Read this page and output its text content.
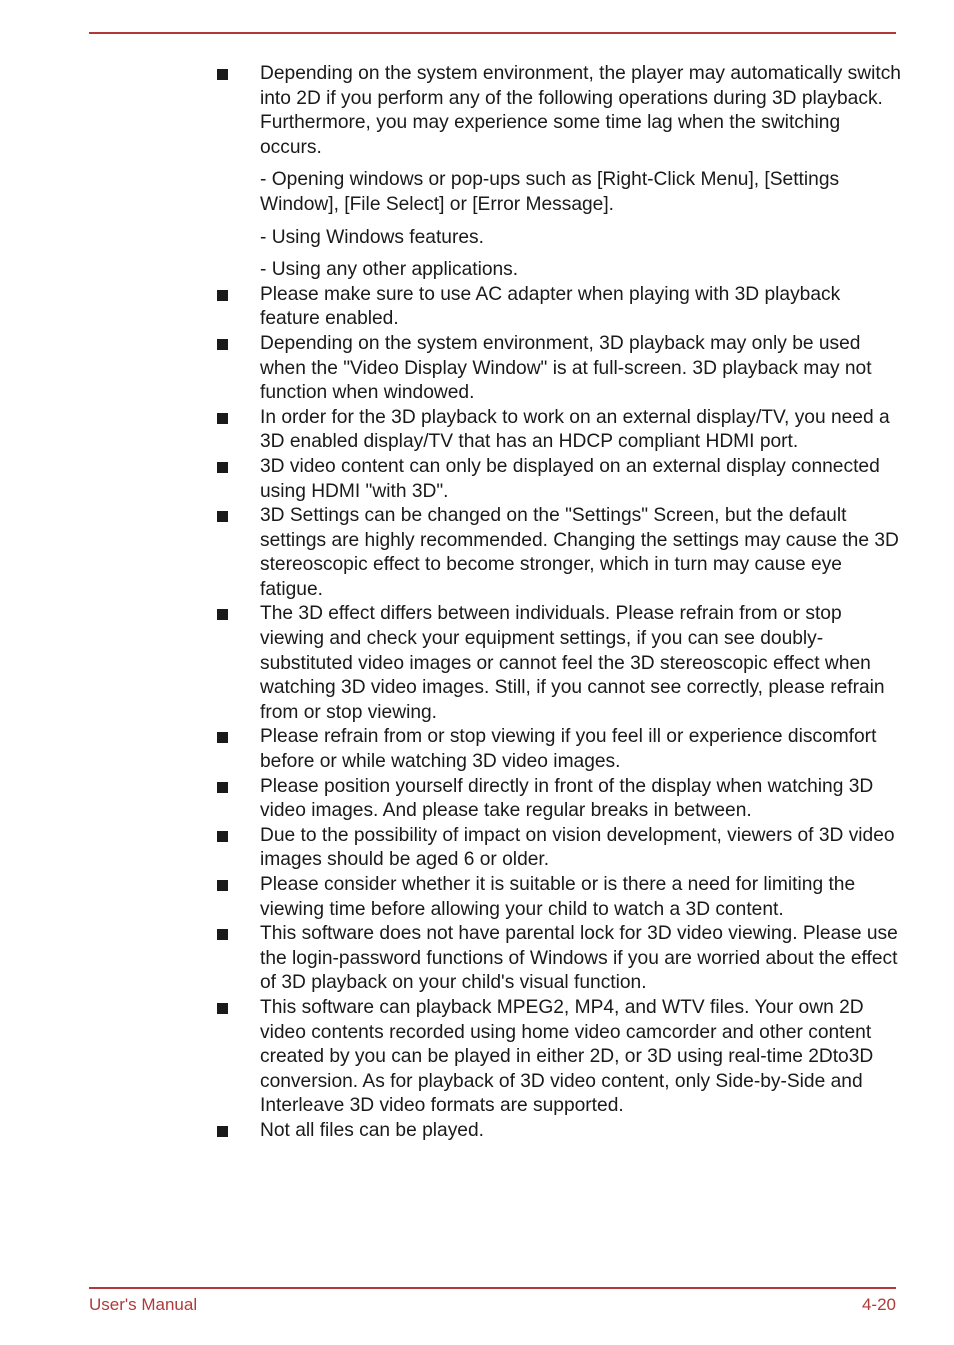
Depending on the system environment, the player may automatically switch into 2D if you perform any of the following operations during 3D playback. Furthermore, you may experience some time lag when the switching occurs.

- Opening windows or pop-ups such as [Right-Click Menu], [Settings Window], [File Select] or [Error Message].

- Using Windows features.

- Using any other applications.

Please make sure to use AC adapter when playing with 3D playback feature enabled.

Depending on the system environment, 3D playback may only be used when the "Video Display Window" is at full-screen. 3D playback may not function when windowed.

In order for the 3D playback to work on an external display/TV, you need a 3D enabled display/TV that has an HDCP compliant HDMI port.

3D video content can only be displayed on an external display connected using HDMI "with 3D".

3D Settings can be changed on the "Settings" Screen, but the default settings are highly recommended. Changing the settings may cause the 3D stereoscopic effect to become stronger, which in turn may cause eye fatigue.

The 3D effect differs between individuals. Please refrain from or stop viewing and check your equipment settings, if you can see doubly-substituted video images or cannot feel the 3D stereoscopic effect when watching 3D video images. Still, if you cannot see correctly, please refrain from or stop viewing.

Please refrain from or stop viewing if you feel ill or experience discomfort before or while watching 3D video images.

Please position yourself directly in front of the display when watching 3D video images. And please take regular breaks in between.

Due to the possibility of impact on vision development, viewers of 3D video images should be aged 6 or older.

Please consider whether it is suitable or is there a need for limiting the viewing time before allowing your child to watch a 3D content.

This software does not have parental lock for 3D video viewing. Please use the login-password functions of Windows if you are worried about the effect of 3D playback on your child's visual function.

This software can playback MPEG2, MP4, and WTV files. Your own 2D video contents recorded using home video camcorder and other content created by you can be played in either 2D, or 3D using real-time 2Dto3D conversion. As for playback of 3D video content, only Side-by-Side and Interleave 3D video formats are supported.

Not all files can be played.

User's Manual	4-20
